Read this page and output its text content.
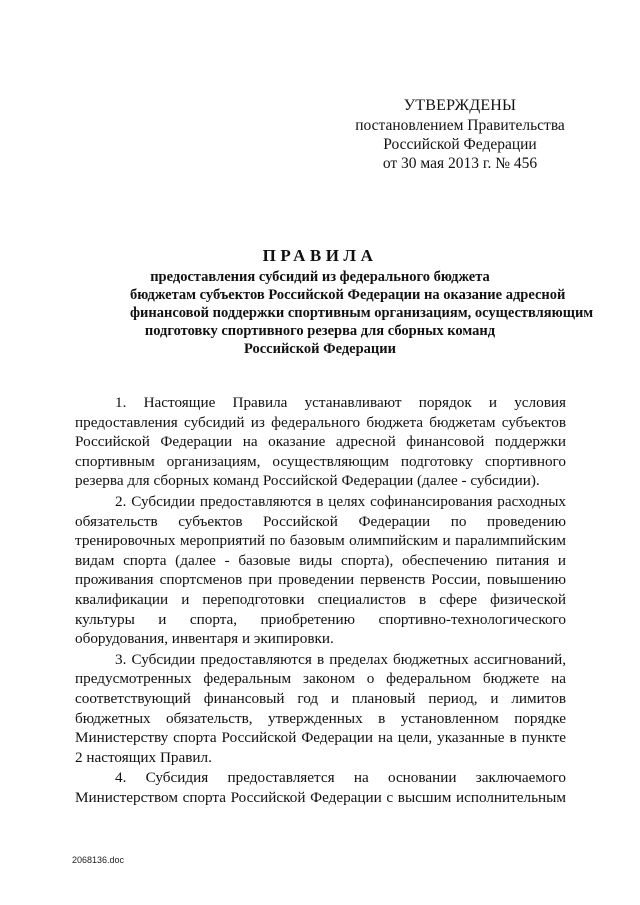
УТВЕРЖДЕНЫ
постановлением Правительства
Российской Федерации
от 30 мая 2013 г. № 456
ПРАВИЛА
предоставления субсидий из федерального бюджета
бюджетам субъектов Российской Федерации на оказание адресной
финансовой поддержки спортивным организациям, осуществляющим
подготовку спортивного резерва для сборных команд
Российской Федерации

1. Настоящие Правила устанавливают порядок и условия предоставления субсидий из федерального бюджета бюджетам субъектов Российской Федерации на оказание адресной финансовой поддержки спортивным организациям, осуществляющим подготовку спортивного резерва для сборных команд Российской Федерации (далее - субсидии).

2. Субсидии предоставляются в целях софинансирования расходных обязательств субъектов Российской Федерации по проведению тренировочных мероприятий по базовым олимпийским и паралимпийским видам спорта (далее - базовые виды спорта), обеспечению питания и проживания спортсменов при проведении первенств России, повышению квалификации и переподготовки специалистов в сфере физической культуры и спорта, приобретению спортивно-технологического оборудования, инвентаря и экипировки.

3. Субсидии предоставляются в пределах бюджетных ассигнований, предусмотренных федеральным законом о федеральном бюджете на соответствующий финансовый год и плановый период, и лимитов бюджетных обязательств, утвержденных в установленном порядке Министерству спорта Российской Федерации на цели, указанные в пункте 2 настоящих Правил.

4. Субсидия предоставляется на основании заключаемого Министерством спорта Российской Федерации с высшим исполнительным

2068136.doc
